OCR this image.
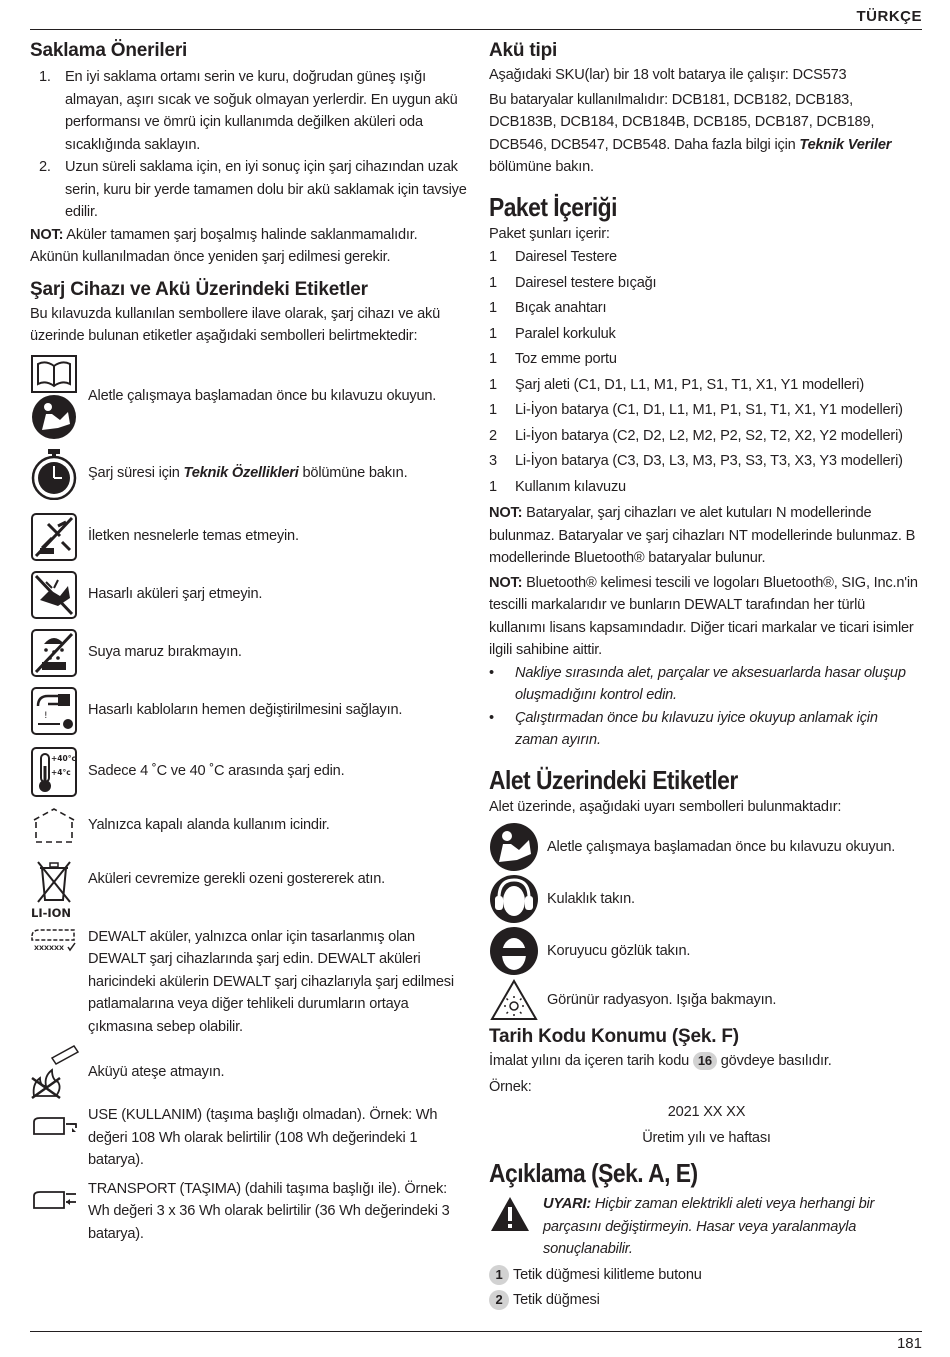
TÜRKÇE
Saklama Önerileri
1. En iyi saklama ortamı serin ve kuru, doğrudan güneş ışığı almayan, aşırı sıcak ve soğuk olmayan yerlerdir. En uygun akü performansı ve ömrü için kullanımda değilken aküleri oda sıcaklığında saklayın.
2. Uzun süreli saklama için, en iyi sonuç için şarj cihazından uzak serin, kuru bir yerde tamamen dolu bir akü saklamak için tavsiye edilir.

NOT: Aküler tamamen şarj boşalmış halinde saklanmamalıdır. Akünün kullanılmadan önce yeniden şarj edilmesi gerekir.

Şarj Cihazı ve Akü Üzerindeki Etiketler

Bu kılavuzda kullanılan sembollere ilave olarak, şarj cihazı ve akü üzerinde bulunan etiketler aşağıdaki sembolleri belirtmektedir:

Aletle çalışmaya başlamadan önce bu kılavuzu okuyun.
Şarj süresi için Teknik Özellikleri bölümüne bakın.
İletken nesnelerle temas etmeyin.
Hasarlı aküleri şarj etmeyin.
Suya maruz bırakmayın.
!	Hasarlı kabloların hemen değiştirilmesini sağlayın.
+40°c
+4°c Sadece 4 ˚C ve 40 ˚C arasında şarj edin.
Yalnızca kapalı alanda kullanım icindir.
LI-ION
Aküleri cevremize gerekli ozeni gostererek atın.
XXXXXX
DEWALT aküler, yalnızca onlar için tasarlanmış olan DEWALT şarj cihazlarında şarj edin. DEWALT aküleri haricindeki akülerin DEWALT şarj cihazlarıyla şarj edilmesi patlamalarına veya diğer tehlikeli durumların ortaya çıkmasına sebep olabilir.
Aküyü ateşe atmayın.
USE (KULLANIM) (taşıma başlığı olmadan). Örnek: Wh değeri 108 Wh olarak belirtilir (108 Wh değerindeki 1 batarya).
TRANSPORT (TAŞIMA) (dahili taşıma başlığı ile). Örnek: Wh değeri 3 x 36 Wh olarak belirtilir (36 Wh değerindeki 3 batarya).
Akü tipi

Aşağıdaki SKU(lar) bir 18 volt batarya ile çalışır: DCS573

Bu bataryalar kullanılmalıdır: DCB181, DCB182, DCB183, DCB183B, DCB184, DCB184B, DCB185, DCB187, DCB189, DCB546, DCB547, DCB548. Daha fazla bilgi için Teknik Veriler bölümüne bakın.

Paket İçeriği

Paket şunları içerir:

1	Dairesel Testere
1	Dairesel testere bıçağı
1	Bıçak anahtarı
1	Paralel korkuluk
1	Toz emme portu
1	Şarj aleti (C1, D1, L1, M1, P1, S1, T1, X1, Y1 modelleri)
1	Li-İyon batarya (C1, D1, L1, M1, P1, S1, T1, X1, Y1 modelleri)
2	Li-İyon batarya (C2, D2, L2, M2, P2, S2, T2, X2, Y2 modelleri)
3	Li-İyon batarya (C3, D3, L3, M3, P3, S3, T3, X3, Y3 modelleri)
1	Kullanım kılavuzu

NOT: Bataryalar, şarj cihazları ve alet kutuları N modellerinde bulunmaz. Bataryalar ve şarj cihazları NT modellerinde bulunmaz. B modellerinde Bluetooth® bataryalar bulunur.

NOT: Bluetooth® kelimesi tescili ve logoları Bluetooth®, SIG, Inc.n'in tescilli markalarıdır ve bunların DEWALT tarafından her türlü kullanımı lisans kapsamındadır. Diğer ticari markalar ve ticari isimler ilgili sahibine aittir.

•	Nakliye sırasında alet, parçalar ve aksesuarlarda hasar oluşup oluşmadığını kontrol edin.
•	Çalıştırmadan önce bu kılavuzu iyice okuyup anlamak için zaman ayırın.
Alet Üzerindeki Etiketler

Alet üzerinde, aşağıdaki uyarı sembolleri bulunmaktadır:

Aletle çalışmaya başlamadan önce bu kılavuzu okuyun.
Kulaklık takın.
Koruyucu gözlük takın.
Görünür radyasyon. Işığa bakmayın.
Tarih Kodu Konumu (Şek. F)

İmalat yılını da içeren tarih kodu 16 gövdeye basılıdır.

Örnek:

2021 XX XX

Üretim yılı ve haftası

Açıklama (Şek. A, E)
UYARI: Hiçbir zaman elektrikli aleti veya herhangi bir parçasını değiştirmeyin. Hasar veya yaralanmayla sonuçlanabilir.
1 Tetik düğmesi kilitleme butonu
2 Tetik düğmesi
181
